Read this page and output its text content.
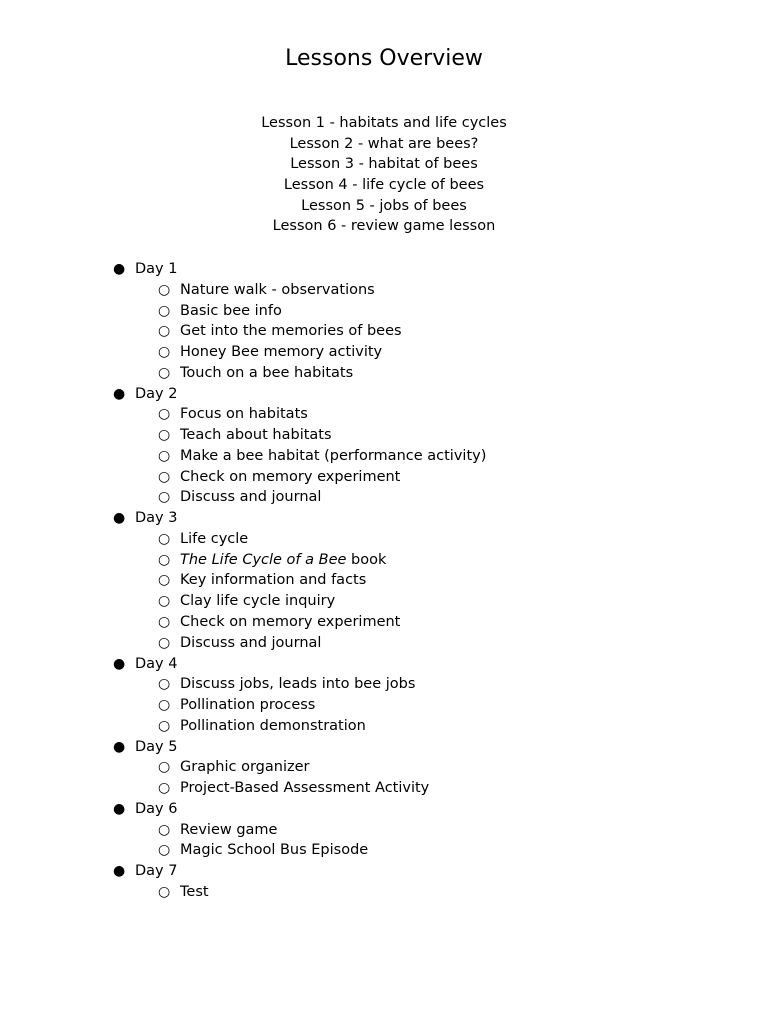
Lessons Overview
Lesson 1 - habitats and life cycles
Lesson 2 - what are bees?
Lesson 3 - habitat of bees
Lesson 4 - life cycle of bees
Lesson 5 - jobs of bees
Lesson 6 - review game lesson
● Day 1
○ Nature walk - observations
○ Basic bee info
○ Get into the memories of bees
○ Honey Bee memory activity
○ Touch on a bee habitats
● Day 2
○ Focus on habitats
○ Teach about habitats
○ Make a bee habitat (performance activity)
○ Check on memory experiment
○ Discuss and journal
● Day 3
○ Life cycle
○ The Life Cycle of a Bee book
○ Key information and facts
○ Clay life cycle inquiry
○ Check on memory experiment
○ Discuss and journal
● Day 4
○ Discuss jobs, leads into bee jobs
○ Pollination process
○ Pollination demonstration
● Day 5
○ Graphic organizer
○ Project-Based Assessment Activity
● Day 6
○ Review game
○ Magic School Bus Episode
● Day 7
○ Test
